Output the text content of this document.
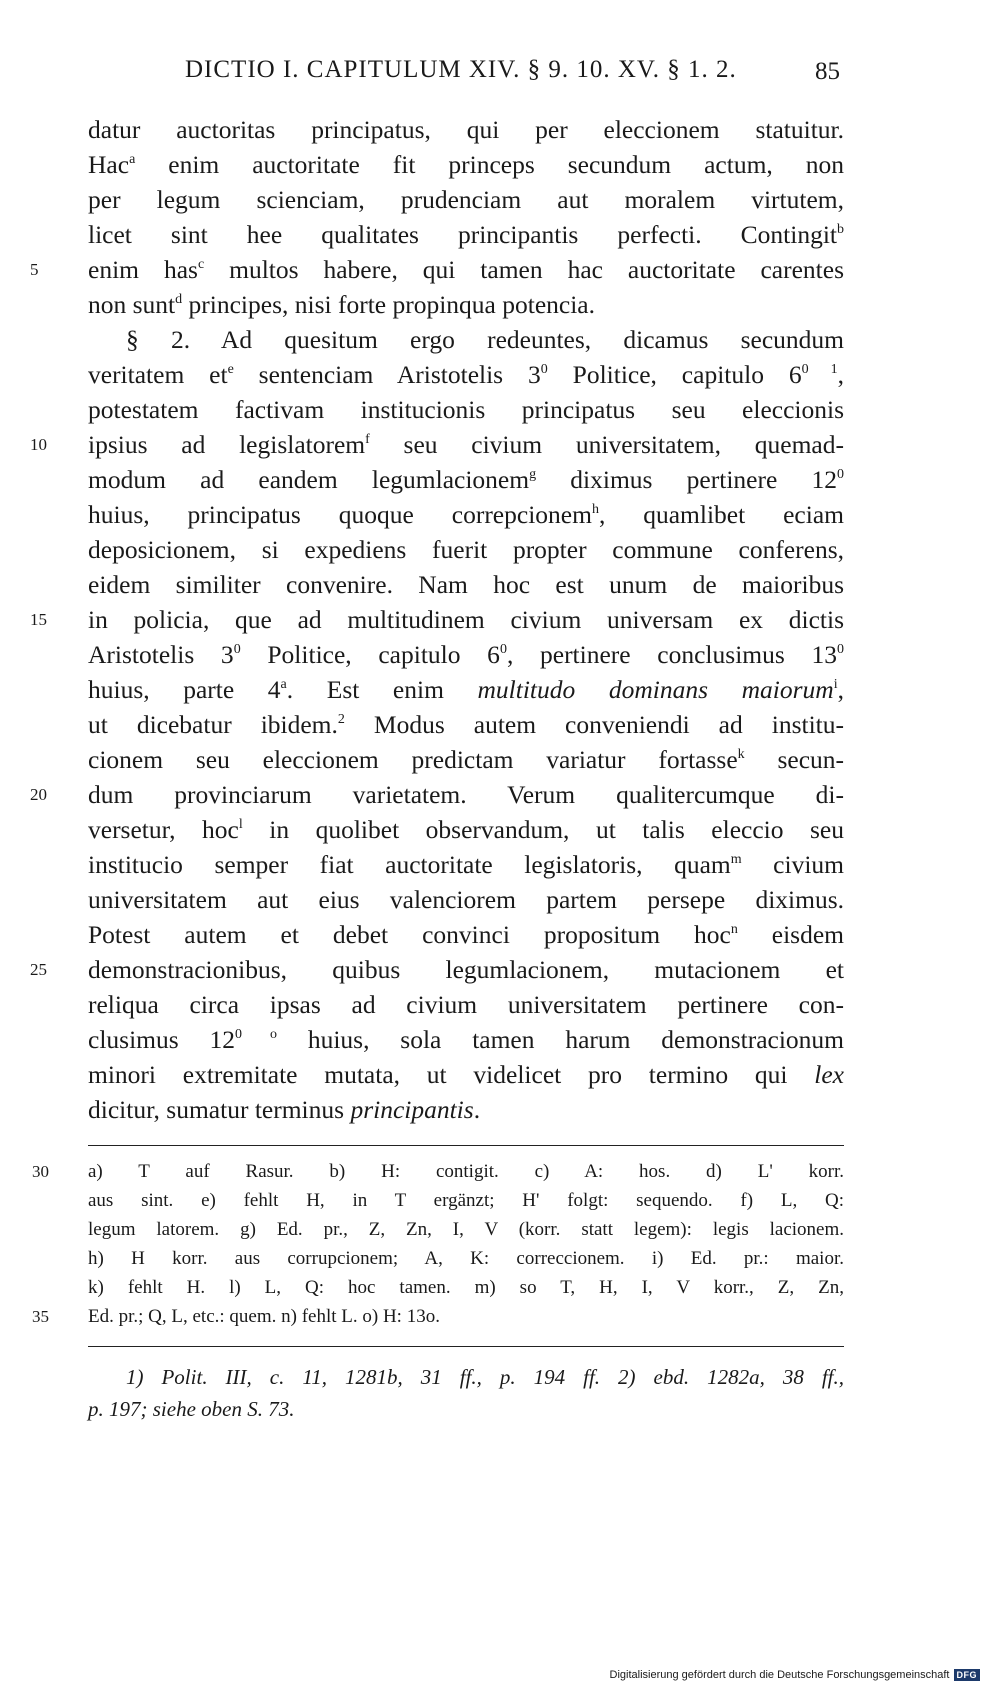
DICTIO I. CAPITULUM XIV. § 9. 10. XV. § 1. 2.	85
datur auctoritas principatus, qui per eleccionem statuitur.
Hac$^a$ enim auctoritate fit princeps secundum actum, non
per legum scienciam, prudenciam aut moralem virtutem,
licet sint hee qualitates principantis perfecti. Contingit$^b$
5	enim has$^c$ multos habere, qui tamen hac auctoritate carentes
non sunt$^d$ principes, nisi forte propinqua potencia.
§ 2. Ad quesitum ergo redeuntes, dicamus secundum
veritatem $et^e$ sentenciam Aristotelis $3^0$ Politice, capitulo $6^{0 1}$,
potestatem factivam institucionis principatus seu eleccionis
10	ipsius ad legislatorem$^f$ seu civium universitatem, quemad-
modum ad eandem legumlacionem$^g$ diximus pertinere $12^0$
huius, principatus quoque correpcionem$^h$, quamlibet eciam
deposicionem, si expediens fuerit propter commune conferens,
eidem similiter convenire. Nam hoc est unum de maioribus
15	in policia, que ad multitudinem civium universam ex dictis
Aristotelis $3^0$ Politice, capitulo $6^0$, pertinere conclusimus $13^0$
huius, parte 4$^a$. Est enim multitudo dominans maiorum$^i$,
ut dicebatur ibidem.$^2$ Modus autem conveniendi ad institu-
cionem seu eleccionem predictam variatur fortasse$^k$ secun-
20	dum provinciarum varietatem. Verum qualitercumque di-
versetur, hoc$^l$ in quolibet observandum, ut talis eleccio seu
institucio semper fiat auctoritate legislatoris, quam$^m$ civium
universitatem aut eius valenciorem partem persepe diximus.
Potest autem et debet convinci propositum hoc$^n$ eisdem
25	demonstracionibus, quibus legumlacionem, mutacionem et
reliqua circa ipsas ad civium universitatem pertinere con-
clusimus $12^{0 o}$ huius, sola tamen harum demonstracionum
minori extremitate mutata, ut videlicet pro termino qui lex
dicitur, sumatur terminus principantis.
30	a) T auf Rasur. b) H: contigit. c) A: hos. d) L' korr.
aus sint. e) fehlt H, in T ergänzt; H' folgt: sequendo. f) L, Q:
legum latorem. g) Ed. pr., Z, Zn, I, V (korr. statt legem): legis lacionem.
h) H korr. aus corrupcionem; A, K: correccionem. i) Ed. pr.: maior.
k) fehlt H. l) L, Q: hoc tamen. m) so T, H, I, V korr., Z, Zn,
35	Ed. pr.; Q, L, etc.: quem. n) fehlt L. o) H: 13o.
1) Polit. III, c. 11, 1281b, 31 ff., p. 194 ff. 2) ebd. 1282a, 38 ff.,
p. 197; siehe oben S. 73.
Digitalisierung gefördert durch die Deutsche Forschungsgemeinschaft DFG
